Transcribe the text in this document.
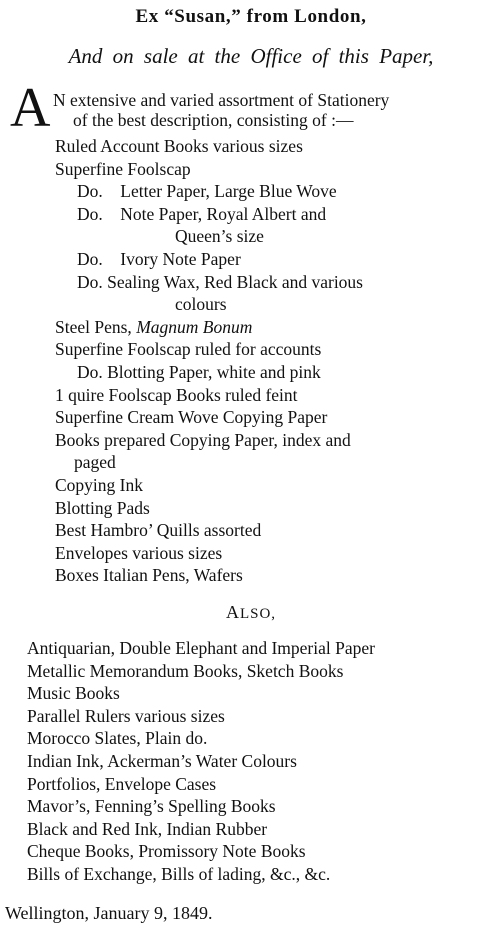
Ex “Susan,” from London,
And on sale at the Office of this Paper,
A N extensive and varied assortment of Stationery
of the best description, consisting of :—
Ruled Account Books various sizes
Superfine Foolscap
Do.    Letter Paper, Large Blue Wove
Do.    Note Paper, Royal Albert and
Queen’s size
Do.    Ivory Note Paper
Do. Sealing Wax, Red Black and various
colours
Steel Pens, Magnum Bonum
Superfine Foolscap ruled for accounts
Do. Blotting Paper, white and pink
1 quire Foolscap Books ruled feint
Superfine Cream Wove Copying Paper
Books prepared Copying Paper, index and
paged
Copying Ink
Blotting Pads
Best Hambro’ Quills assorted
Envelopes various sizes
Boxes Italian Pens, Wafers
ALSO,
Antiquarian, Double Elephant and Imperial Paper
Metallic Memorandum Books, Sketch Books
Music Books
Parallel Rulers various sizes
Morocco Slates, Plain do.
Indian Ink, Ackerman’s Water Colours
Portfolios, Envelope Cases
Mavor’s, Fenning’s Spelling Books
Black and Red Ink, Indian Rubber
Cheque Books, Promissory Note Books
Bills of Exchange, Bills of lading, &c., &c.
Wellington, January 9, 1849.
